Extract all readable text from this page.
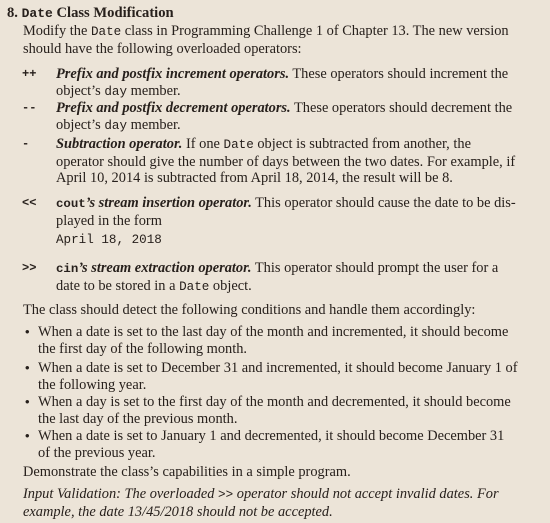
8. Date Class Modification
Modify the Date class in Programming Challenge 1 of Chapter 13. The new version should have the following overloaded operators:
++	Prefix and postfix increment operators. These operators should increment the object’s day member.
--	Prefix and postfix decrement operators. These operators should decrement the object’s day member.
-	Subtraction operator. If one Date object is subtracted from another, the operator should give the number of days between the two dates. For example, if April 10, 2014 is subtracted from April 18, 2014, the result will be 8.
<<	cout’s stream insertion operator. This operator should cause the date to be dis-played in the form
April 18, 2018
>>	cin’s stream extraction operator. This operator should prompt the user for a date to be stored in a Date object.
The class should detect the following conditions and handle them accordingly:
• When a date is set to the last day of the month and incremented, it should become the first day of the following month.
• When a date is set to December 31 and incremented, it should become January 1 of the following year.
• When a day is set to the first day of the month and decremented, it should become the last day of the previous month.
• When a date is set to January 1 and decremented, it should become December 31 of the previous year.
Demonstrate the class’s capabilities in a simple program.
Input Validation: The overloaded >> operator should not accept invalid dates. For example, the date 13/45/2018 should not be accepted.
